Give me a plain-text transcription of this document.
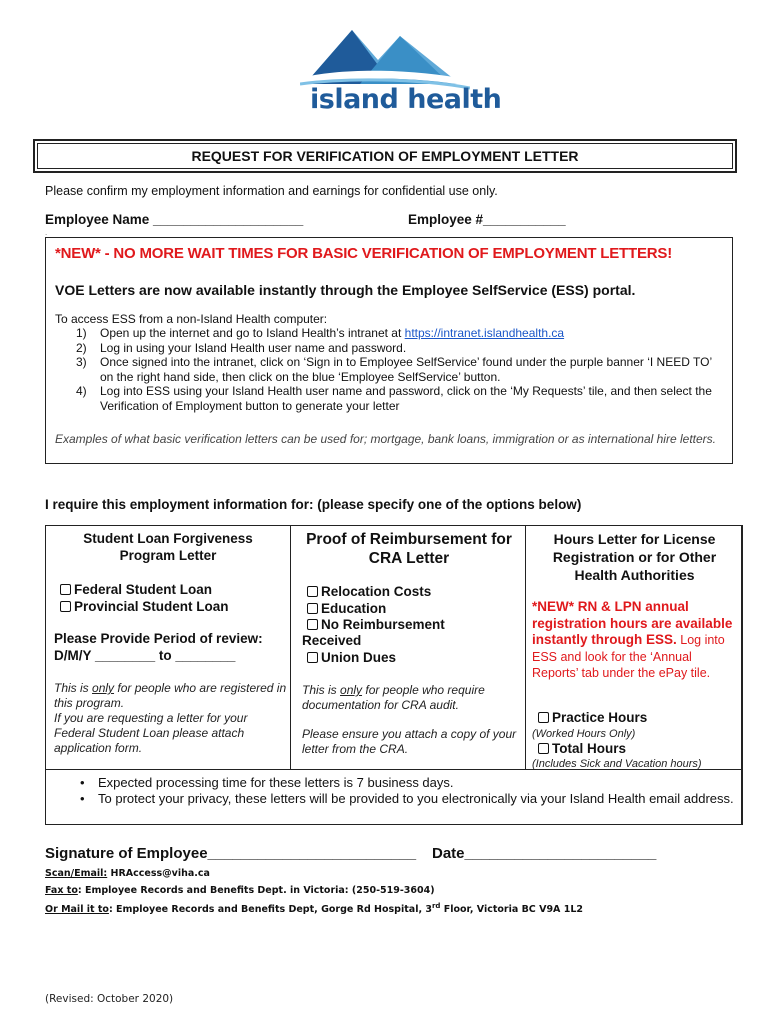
island health
REQUEST FOR VERIFICATION OF EMPLOYMENT LETTER
Please confirm my employment information and earnings for confidential use only.
Employee Name ____________________	Employee #___________
.
*NEW* - NO MORE WAIT TIMES FOR BASIC VERIFICATION OF EMPLOYMENT LETTERS!
VOE Letters are now available instantly through the Employee SelfService (ESS) portal.
To access ESS from a non-Island Health computer:
1) Open up the internet and go to Island Health’s intranet at https://intranet.islandhealth.ca
2) Log in using your Island Health user name and password.
3) Once signed into the intranet, click on ‘Sign in to Employee SelfService’ found under the purple banner ‘I NEED TO’ on the right hand side, then click on the blue ‘Employee SelfService’ button.
4) Log into ESS using your Island Health user name and password, click on the ‘My Requests’ tile, and then select the Verification of Employment button to generate your letter
Examples of what basic verification letters can be used for; mortgage, bank loans, immigration or as international hire letters.
I require this employment information for: (please specify one of the options below)
Student Loan Forgiveness Program Letter
Federal Student Loan
Provincial Student Loan
Please Provide Period of review:
D/M/Y ________ to ________
This is only for people who are registered in this program.
If you are requesting a letter for your Federal Student Loan please attach application form.
Proof of Reimbursement for CRA Letter
Relocation Costs
Education
No Reimbursement
Received
Union Dues
This is only for people who require documentation for CRA audit.
Please ensure you attach a copy of your letter from the CRA.
Hours Letter for License Registration or for Other Health Authorities
*NEW* RN & LPN annual registration hours are available instantly through ESS. Log into ESS and look for the ‘Annual Reports’ tab under the ePay tile.
Practice Hours
(Worked Hours Only)
Total Hours
(Includes Sick and Vacation hours)
• Expected processing time for these letters is 7 business days.
• To protect your privacy, these letters will be provided to you electronically via your Island Health email address.
Signature of Employee_________________________ Date_______________________
Scan/Email: HRAccess@viha.ca
Fax to: Employee Records and Benefits Dept. in Victoria: (250-519-3604)
Or Mail it to: Employee Records and Benefits Dept, Gorge Rd Hospital, 3rd Floor, Victoria BC V9A 1L2
(Revised: October 2020)
